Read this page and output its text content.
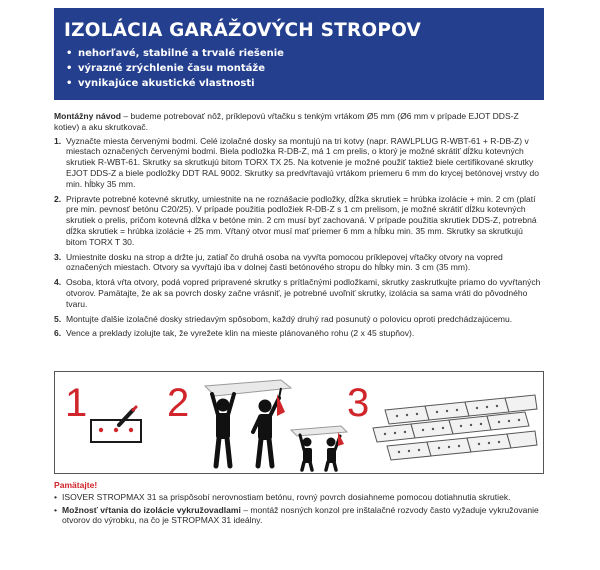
IZOLÁCIA GARÁŽOVÝCH STROPOV
• nehorľavé, stabilné a trvalé riešenie
• výrazné zrýchlenie času montáže
• vynikajúce akustické vlastnosti

Montážny návod – budeme potrebovať nôž, príklepovú vŕtačku s tenkým vrtákom Ø5 mm (Ø6 mm v prípade EJOT DDS-Z kotiev) a aku skrutkovač.

1. Vyznačte miesta červenými bodmi. Celé izolačné dosky sa montujú na tri kotvy (napr. RAWLPLUG R-WBT-61 + R-DB-Z) v miestach označených červenými bodmi. Biela podložka R-DB-Z, má 1 cm prelis, o ktorý je možné skrátiť dĺžku kotevných skrutiek R-WBT-61. Skrutky sa skrutkujú bitom TORX TX 25. Na kotvenie je možné použiť taktiež biele certifikované skrutky EJOT DDS-Z a biele podložky DDT RAL 9002. Skrutky sa predvŕtavajú vrtákom priemeru 6 mm do krycej betónovej vrstvy do min. hĺbky 35 mm.
2. Pripravte potrebné kotevné skrutky, umiestnite na ne roznášacie podložky, dĺžka skrutiek = hrúbka izolácie + min. 2 cm (platí pre min. pevnosť betónu C20/25). V prípade použitia podložiek R-DB-Z s 1 cm prelisom, je možné skrátiť dĺžku kotevných skrutiek o prelis, pričom kotevná dĺžka v betóne min. 2 cm musí byť zachovaná. V prípade použitia skrutiek DDS-Z, potrebná dĺžka skrutiek = hrúbka izolácie + 25 mm. Vŕtaný otvor musí mať priemer 6 mm a hĺbku min. 35 mm. Skrutky sa skrutkujú bitom TORX T 30.
3. Umiestnite dosku na strop a držte ju, zatiaľ čo druhá osoba na vyvŕta pomocou príklepovej vŕtačky otvory na vopred označených miestach. Otvory sa vyvŕtajú iba v dolnej časti betónového stropu do hĺbky min. 3 cm (35 mm).
4. Osoba, ktorá vŕta otvory, podá vopred pripravené skrutky s prítlačnými podložkami, skrutky zaskrutkujte priamo do vyvŕtaných otvorov. Pamätajte, že ak sa povrch dosky začne vrásniť, je potrebné uvoľniť skrutky, izolácia sa sama vráti do pôvodného tvaru.
5. Montujte ďalšie izolačné dosky striedavým spôsobom, každý druhý rad posunutý o polovicu oproti predchádzajúcemu.
6. Vence a preklady izolujte tak, že vyrežete klin na mieste plánovaného rohu (2 x 45 stupňov).
1 2	3
Pamätajte!
• ISOVER STROPMAX 31 sa prispôsobí nerovnostiam betónu, rovný povrch dosiahneme pomocou dotiahnutia skrutiek.
• Možnosť vŕtania do izolácie vykružovadlami – montáž nosných konzol pre inštalačné rozvody často vyžaduje vykružovanie otvorov do výrobku, na čo je STROPMAX 31 ideálny.
